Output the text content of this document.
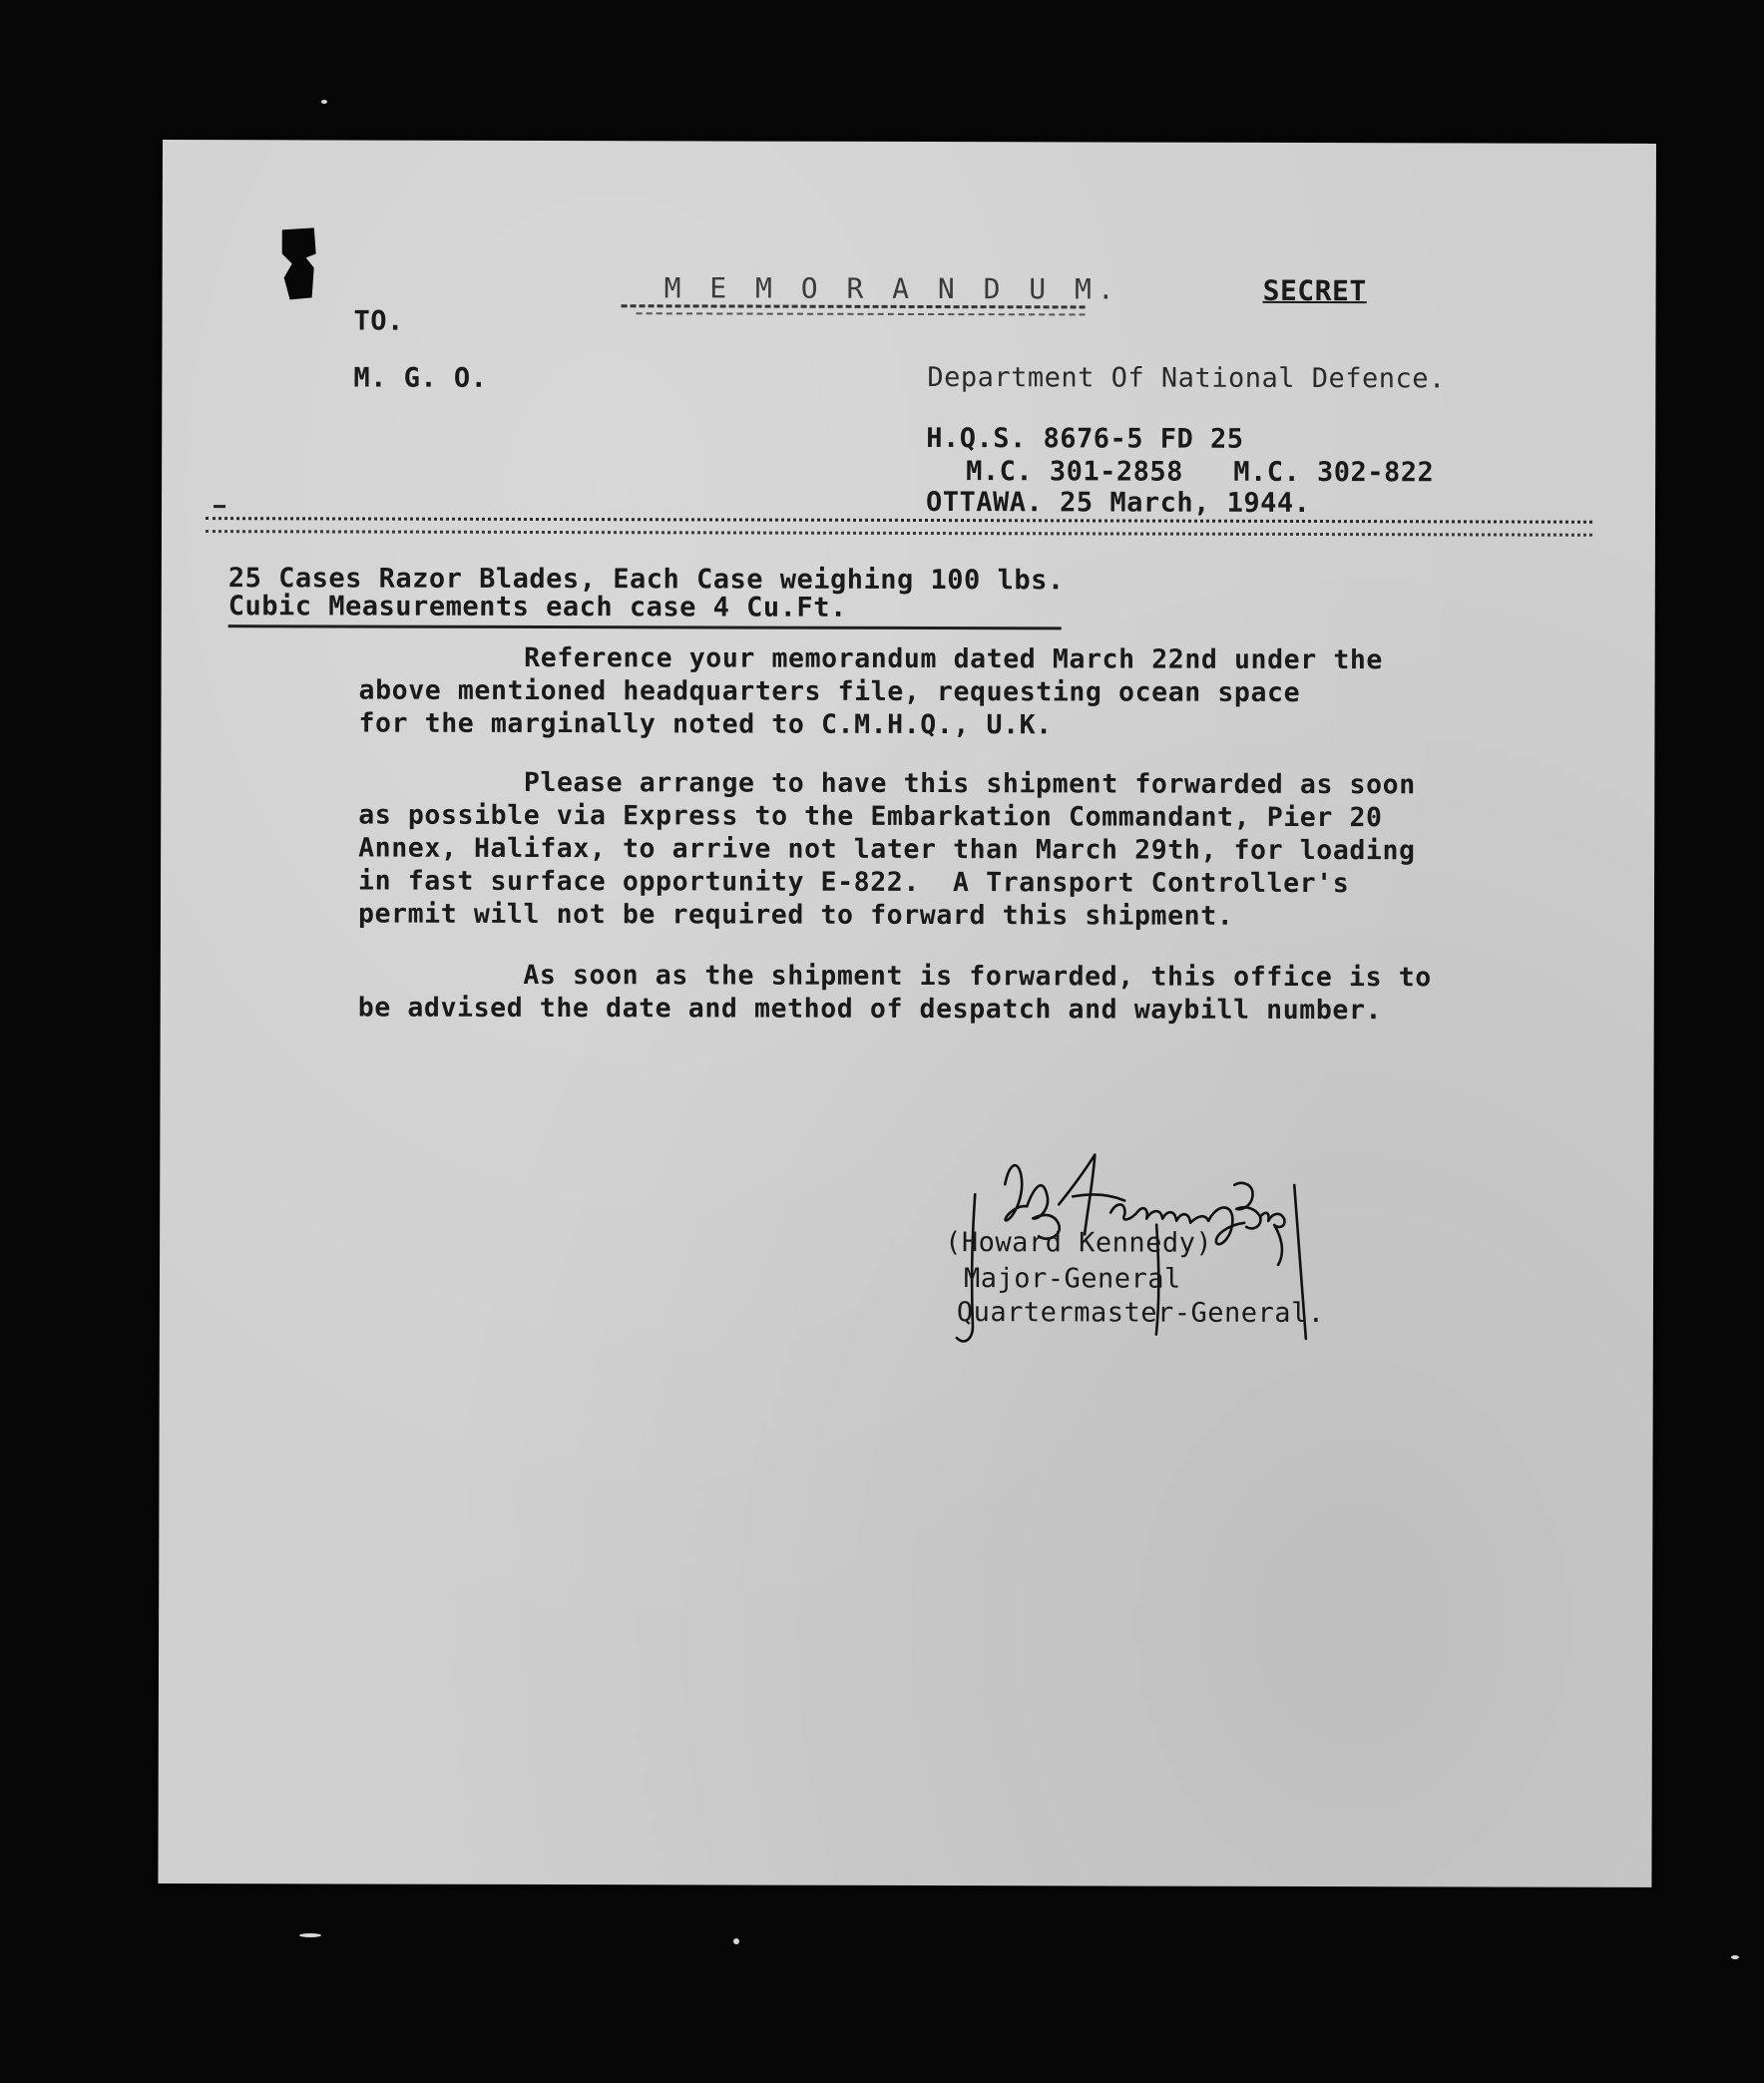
M E M O R A N D U M.	SECRET
TO.
M. G. O.	Department Of National Defence.
H.Q.S. 8676-5 FD 25
M.C. 301-2858   M.C. 302-822
OTTAWA. 25 March, 1944.
25 Cases Razor Blades, Each Case weighing 100 lbs.
Cubic Measurements each case 4 Cu.Ft.
Reference your memorandum dated March 22nd under the
above mentioned headquarters file, requesting ocean space
for the marginally noted to C.M.H.Q., U.K.
Please arrange to have this shipment forwarded as soon
as possible via Express to the Embarkation Commandant, Pier 20
Annex, Halifax, to arrive not later than March 29th, for loading
in fast surface opportunity E-822.  A Transport Controller's
permit will not be required to forward this shipment.
As soon as the shipment is forwarded, this office is to
be advised the date and method of despatch and waybill number.
(Howard Kennedy)
Major-General
Quartermaster-General.
